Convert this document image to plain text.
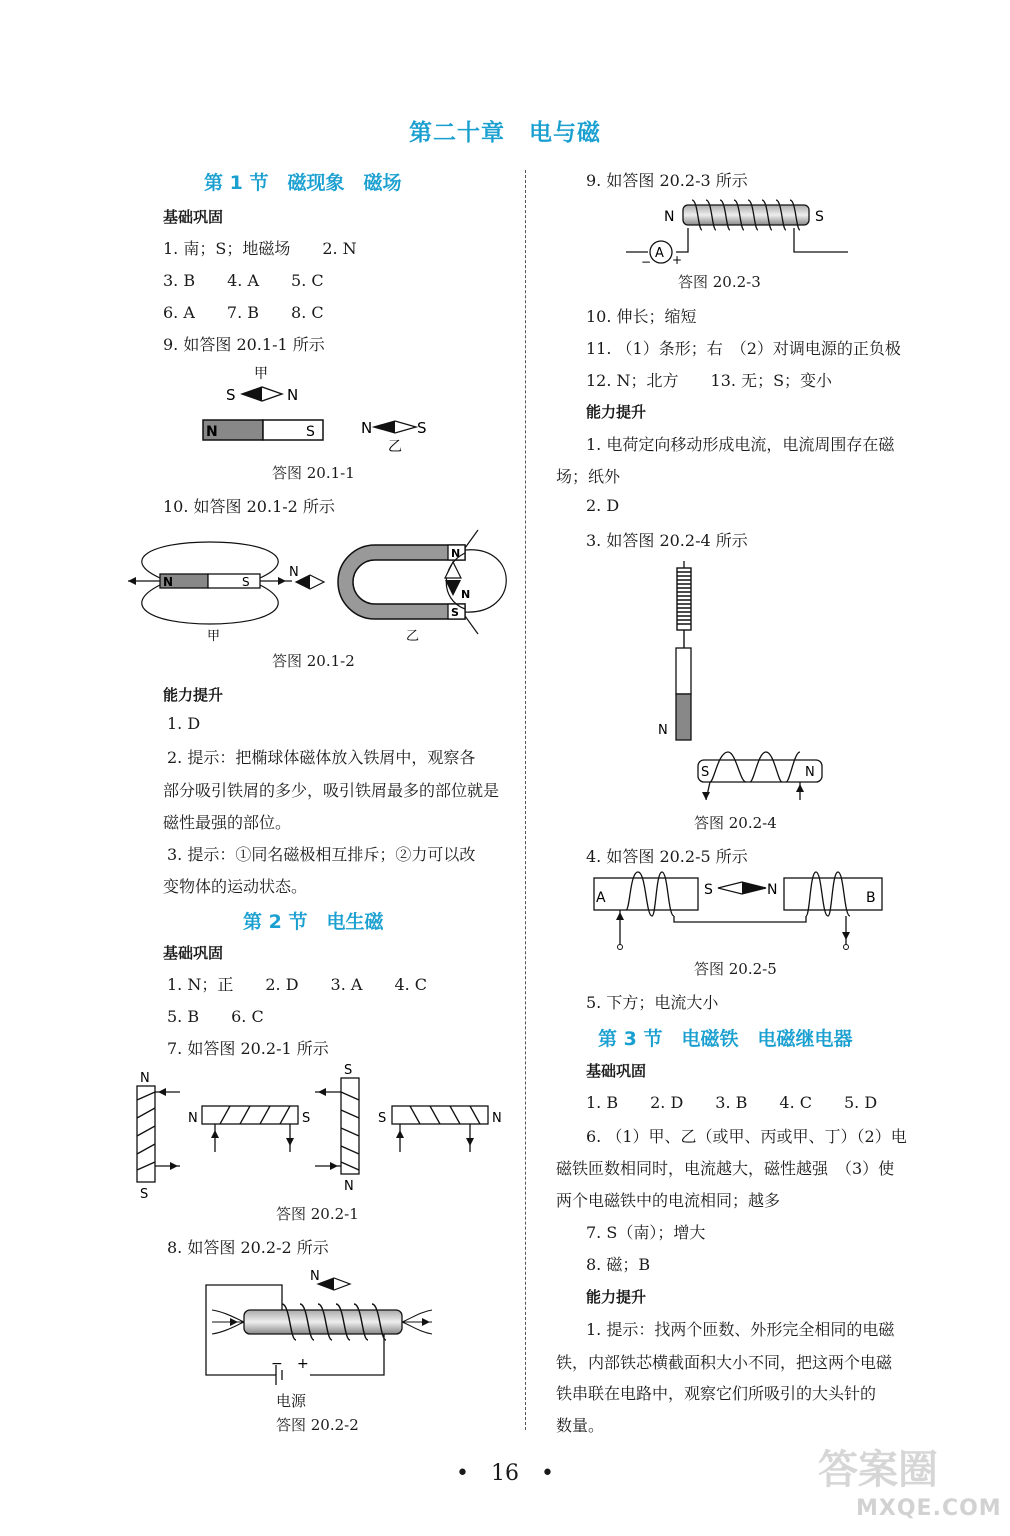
第二十章　电与磁
第 1 节　磁现象　磁场
基础巩固
1. 南；S；地磁场　　2. N
3. B　　4. A　　5. C
6. A　　7. B　　8. C
9. 如答图 20.1-1 所示
甲
S	N
N	S	N	S
乙
答图 20.1-1
10. 如答图 20.1-2 所示
N	S
甲
N
N
S
N
乙
答图 20.1-2
能力提升
1. D
2. 提示：把椭球体磁体放入铁屑中，观察各
部分吸引铁屑的多少，吸引铁屑最多的部位就是
磁性最强的部位。
3. 提示：①同名磁极相互排斥；②力可以改
变物体的运动状态。
第 2 节　电生磁
基础巩固
1. N；正　　2. D　　3. A　　4. C
5. B　　6. C
7. 如答图 20.2-1 所示
N
S
N	S
S
N
S	N
答图 20.2-1
8. 如答图 20.2-2 所示
N
− +
电源
答图 20.2-2
9. 如答图 20.2-3 所示
N	S
A
− +
答图 20.2-3
10. 伸长；缩短
11. （1）条形；右　（2）对调电源的正负极
12. N；北方　　13. 无；S；变小
能力提升
1. 电荷定向移动形成电流，电流周围存在磁
场；纸外
2. D
3. 如答图 20.2-4 所示
N
S	N
答图 20.2-4
4. 如答图 20.2-5 所示
A	B
S	N
答图 20.2-5
5. 下方；电流大小
第 3 节　电磁铁　电磁继电器
基础巩固
1. B　　2. D　　3. B　　4. C　　5. D
6. （1）甲、乙（或甲、丙或甲、丁）（2）电
磁铁匝数相同时，电流越大，磁性越强　（3）使
两个电磁铁中的电流相同；越多
7. S（南）；增大
8. 磁；B
能力提升
1. 提示：找两个匝数、外形完全相同的电磁
铁，内部铁芯横截面积大小不同，把这两个电磁
铁串联在电路中，观察它们所吸引的大头针的
数量。
•　16　•	答案圈
MXQE.COM
